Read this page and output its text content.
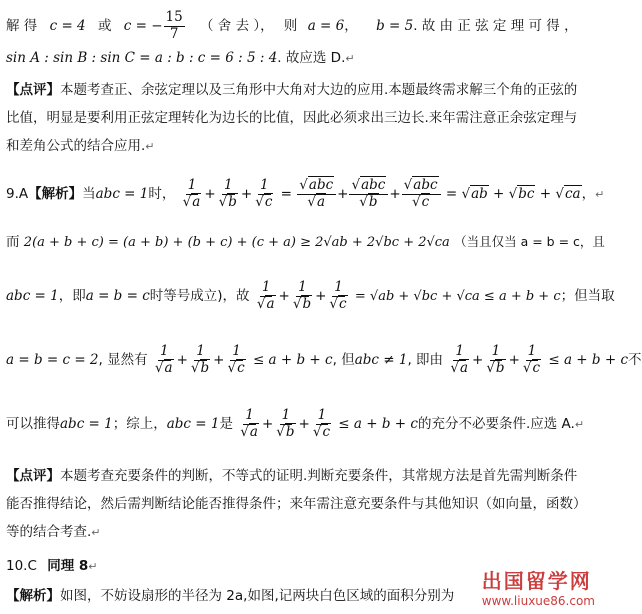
解 得 c = 4 或 c = − $\frac{15}{7}$ （ 舍 去 ）， 则 a = 6， b = 5. 故 由 正 弦 定 理 可 得 ，
sin A : sin B : sin C = a : b : c = 6 : 5 : 4. 故应选 D.↵
【点评】本题考查正、余弦定理以及三角形中大角对大边的应用.本题最终需求解三个角的正弦的
比值，明显是要利用正弦定理转化为边长的比值，因此必须求出三边长.来年需注意正余弦定理与
和差角公式的结合应用.↵
9.A【解析】当abc = 1时， $\frac{1}{√a} + \frac{1}{√b} + \frac{1}{√c} = \frac{\text{√abc}}{√a} + \frac{\text{√abc}}{√b} + \frac{\text{√abc}}{√c} = √ab + √bc + √ca$，↵
而 2(a + b + c) = (a + b) + (b + c) + (c + a) ≥ 2√ab + 2√bc + 2√ca （当且仅当 a = b = c，且
abc = 1，即a = b = c时等号成立)，故 $\frac{1}{√a} + \frac{1}{√b} + \frac{1}{√c} = √ab + √bc + √ca \le a + b + c$；但当取
a = b = c = 2, 显然有 $\frac{1}{√a} + \frac{1}{√b} + \frac{1}{√c} \le a + b + c$, 但abc ≠ 1, 即由 $\frac{1}{√a} + \frac{1}{√b} + \frac{1}{√c} \le a + b + c$不
可以推得abc = 1；综上，abc = 1是 $\frac{1}{√a} + \frac{1}{√b} + \frac{1}{√c} \le a + b + c$的充分不必要条件.应选 A.↵
【点评】本题考查充要条件的判断，不等式的证明.判断充要条件，其常规方法是首先需判断条件
能否推得结论，然后需判断结论能否推得条件；来年需注意充要条件与其他知识（如向量，函数）
等的结合考查.↵
10.C 同理 8↵
【解析】如图，不妨设扇形的半径为 2a,如图,记两块白色区域的面积分别为
出国留学网
www.liuxue86.com
